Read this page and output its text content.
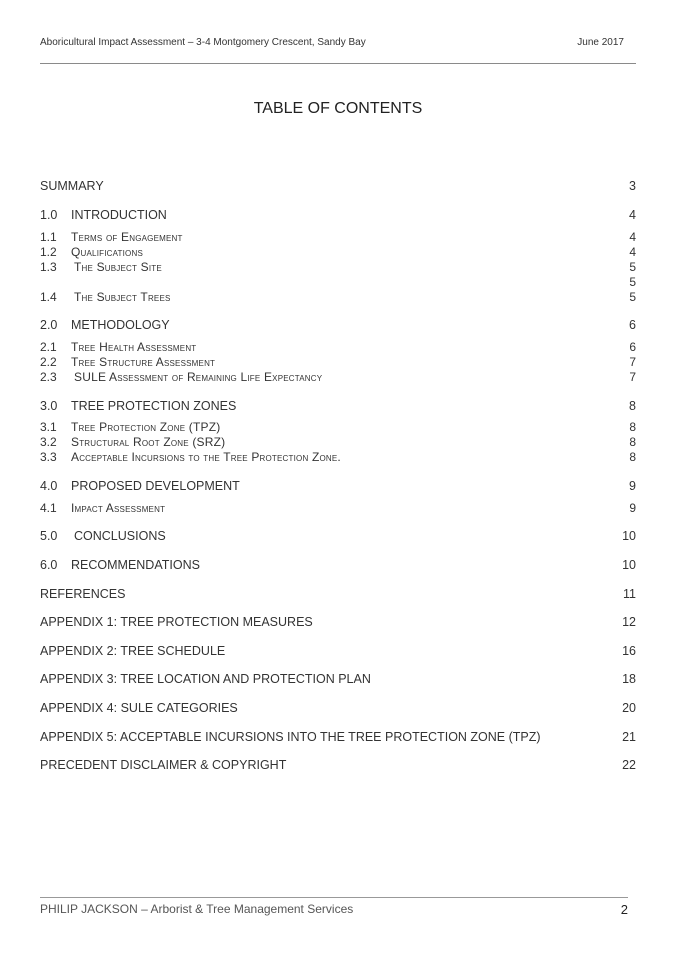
Aboricultural Impact Assessment – 3-4 Montgomery Crescent, Sandy Bay	June 2017
TABLE OF CONTENTS
SUMMARY	3
1.0 INTRODUCTION	4
1.1 Terms of Engagement	4
1.2 Qualifications	4
1.3 The Subject Site	5
5
1.4 The Subject Trees	5
2.0 METHODOLOGY	6
2.1 Tree Health Assessment	6
2.2 Tree Structure Assessment	7
2.3 SULE Assessment of Remaining Life Expectancy	7
3.0 TREE PROTECTION ZONES	8
3.1 Tree Protection Zone (TPZ)	8
3.2 Structural Root Zone (SRZ)	8
3.3 Acceptable Incursions to the Tree Protection Zone.	8
4.0 PROPOSED DEVELOPMENT	9
4.1 Impact Assessment	9
5.0 CONCLUSIONS	10
6.0 RECOMMENDATIONS	10
REFERENCES	11
APPENDIX 1: TREE PROTECTION MEASURES	12
APPENDIX 2: TREE SCHEDULE	16
APPENDIX 3: TREE LOCATION AND PROTECTION PLAN	18
APPENDIX 4: SULE CATEGORIES	20
APPENDIX 5: ACCEPTABLE INCURSIONS INTO THE TREE PROTECTION ZONE (TPZ)	21
PRECEDENT DISCLAIMER & COPYRIGHT	22
PHILIP JACKSON – Arborist & Tree Management Services	2
